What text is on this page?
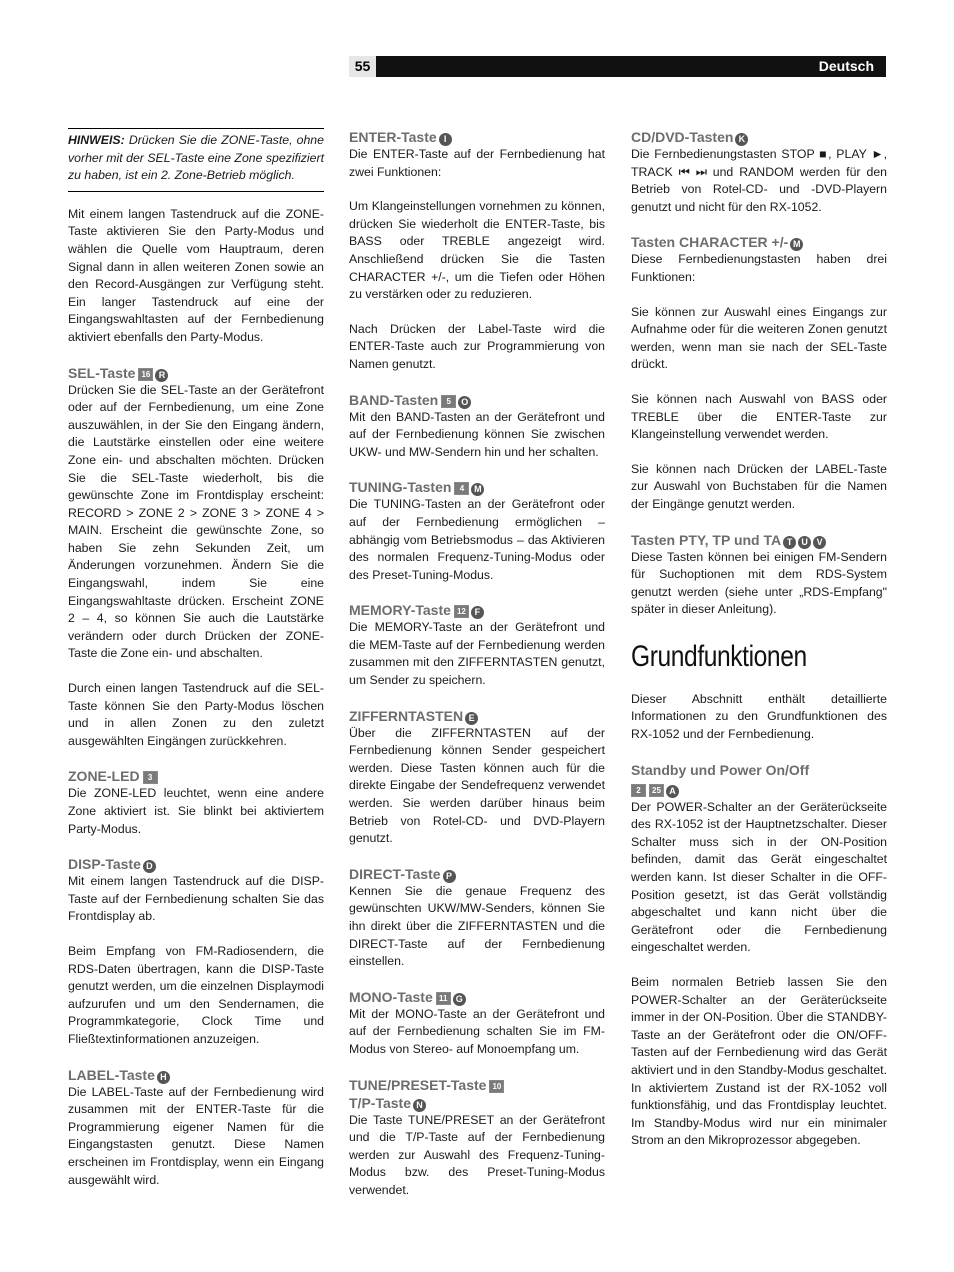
55	Deutsch
HINWEIS: Drücken Sie die ZONE-Taste, ohne vorher mit der SEL-Taste eine Zone spezifiziert zu haben, ist ein 2. Zone-Betrieb möglich.

Mit einem langen Tastendruck auf die ZONE-Taste aktivieren Sie den Party-Modus und wählen die Quelle vom Hauptraum, deren Signal dann in allen weiteren Zonen sowie an den Record-Ausgängen zur Verfügung steht. Ein langer Tastendruck auf eine der Eingangswahltasten auf der Fernbedienung aktiviert ebenfalls den Party-Modus.

SEL-Taste 16 R

Drücken Sie die SEL-Taste an der Gerätefront oder auf der Fernbedienung, um eine Zone auszuwählen, in der Sie den Eingang ändern, die Lautstärke einstellen oder eine weitere Zone ein- und abschalten möchten. Drücken Sie die SEL-Taste wiederholt, bis die gewünschte Zone im Frontdisplay erscheint: RECORD > ZONE 2 > ZONE 3 > ZONE 4 > MAIN. Erscheint die gewünschte Zone, so haben Sie zehn Sekunden Zeit, um Änderungen vorzunehmen. Ändern Sie die Eingangswahl, indem Sie eine Eingangswahltaste drücken. Erscheint ZONE 2 – 4, so können Sie auch die Lautstärke verändern oder durch Drücken der ZONE-Taste die Zone ein- und abschalten.

Durch einen langen Tastendruck auf die SEL-Taste können Sie den Party-Modus löschen und in allen Zonen zu den zuletzt ausgewählten Eingängen zurückkehren.

ZONE-LED 3

Die ZONE-LED leuchtet, wenn eine andere Zone aktiviert ist. Sie blinkt bei aktiviertem Party-Modus.

DISP-Taste D

Mit einem langen Tastendruck auf die DISP-Taste auf der Fernbedienung schalten Sie das Frontdisplay ab.

Beim Empfang von FM-Radiosendern, die RDS-Daten übertragen, kann die DISP-Taste genutzt werden, um die einzelnen Displaymodi aufzurufen und um den Sendernamen, die Programmkategorie, Clock Time und Fließtextinformationen anzuzeigen.

LABEL-Taste H

Die LABEL-Taste auf der Fernbedienung wird zusammen mit der ENTER-Taste für die Programmierung eigener Namen für die Eingangstasten genutzt. Diese Namen erscheinen im Frontdisplay, wenn ein Eingang ausgewählt wird.

ENTER-Taste I

Die ENTER-Taste auf der Fernbedienung hat zwei Funktionen:

Um Klangeinstellungen vornehmen zu können, drücken Sie wiederholt die ENTER-Taste, bis BASS oder TREBLE angezeigt wird. Anschließend drücken Sie die Tasten CHARACTER +/-, um die Tiefen oder Höhen zu verstärken oder zu reduzieren.

Nach Drücken der Label-Taste wird die ENTER-Taste auch zur Programmierung von Namen genutzt.

BAND-Tasten 5 O

Mit den BAND-Tasten an der Gerätefront und auf der Fernbedienung können Sie zwischen UKW- und MW-Sendern hin und her schalten.

TUNING-Tasten 4 M

Die TUNING-Tasten an der Gerätefront oder auf der Fernbedienung ermöglichen – abhängig vom Betriebsmodus – das Aktivieren des normalen Frequenz-Tuning-Modus oder des Preset-Tuning-Modus.

MEMORY-Taste 12 F

Die MEMORY-Taste an der Gerätefront und die MEM-Taste auf der Fernbedienung werden zusammen mit den ZIFFERNTASTEN genutzt, um Sender zu speichern.

ZIFFERNTASTEN E

Über die ZIFFERNTASTEN auf der Fernbedienung können Sender gespeichert werden. Diese Tasten können auch für die direkte Eingabe der Sendefrequenz verwendet werden. Sie werden darüber hinaus beim Betrieb von Rotel-CD- und DVD-Playern genutzt.

DIRECT-Taste P

Kennen Sie die genaue Frequenz des gewünschten UKW/MW-Senders, können Sie ihn direkt über die ZIFFERNTASTEN und die DIRECT-Taste auf der Fernbedienung einstellen.

MONO-Taste 11 G

Mit der MONO-Taste an der Gerätefront und auf der Fernbedienung schalten Sie im FM-Modus von Stereo- auf Monoempfang um.

TUNE/PRESET-Taste 10
T/P-Taste N

Die Taste TUNE/PRESET an der Gerätefront und die T/P-Taste auf der Fernbedienung werden zur Auswahl des Frequenz-Tuning-Modus bzw. des Preset-Tuning-Modus verwendet.

CD/DVD-Tasten K

Die Fernbedienungstasten STOP ■, PLAY ►, TRACK ⏮ ⏭ und RANDOM werden für den Betrieb von Rotel-CD- und -DVD-Playern genutzt und nicht für den RX-1052.

Tasten CHARACTER +/- M

Diese Fernbedienungstasten haben drei Funktionen:

Sie können zur Auswahl eines Eingangs zur Aufnahme oder für die weiteren Zonen genutzt werden, wenn man sie nach der SEL-Taste drückt.

Sie können nach Auswahl von BASS oder TREBLE über die ENTER-Taste zur Klangeinstellung verwendet werden.

Sie können nach Drücken der LABEL-Taste zur Auswahl von Buchstaben für die Namen der Eingänge genutzt werden.

Tasten PTY, TP und TA T U V

Diese Tasten können bei einigen FM-Sendern für Suchoptionen mit dem RDS-System genutzt werden (siehe unter „RDS-Empfang" später in dieser Anleitung).

Grundfunktionen

Dieser Abschnitt enthält detaillierte Informationen zu den Grundfunktionen des RX-1052 und der Fernbedienung.

Standby und Power On/Off
2 25 A

Der POWER-Schalter an der Geräterückseite des RX-1052 ist der Hauptnetzschalter. Dieser Schalter muss sich in der ON-Position befinden, damit das Gerät eingeschaltet werden kann. Ist dieser Schalter in die OFF-Position gesetzt, ist das Gerät vollständig abgeschaltet und kann nicht über die Gerätefront oder die Fernbedienung eingeschaltet werden.

Beim normalen Betrieb lassen Sie den POWER-Schalter an der Geräterückseite immer in der ON-Position. Über die STANDBY-Taste an der Gerätefront oder die ON/OFF-Tasten auf der Fernbedienung wird das Gerät aktiviert und in den Standby-Modus geschaltet. In aktiviertem Zustand ist der RX-1052 voll funktionsfähig, und das Frontdisplay leuchtet. Im Standby-Modus wird nur ein minimaler Strom an den Mikroprozessor abgegeben.
